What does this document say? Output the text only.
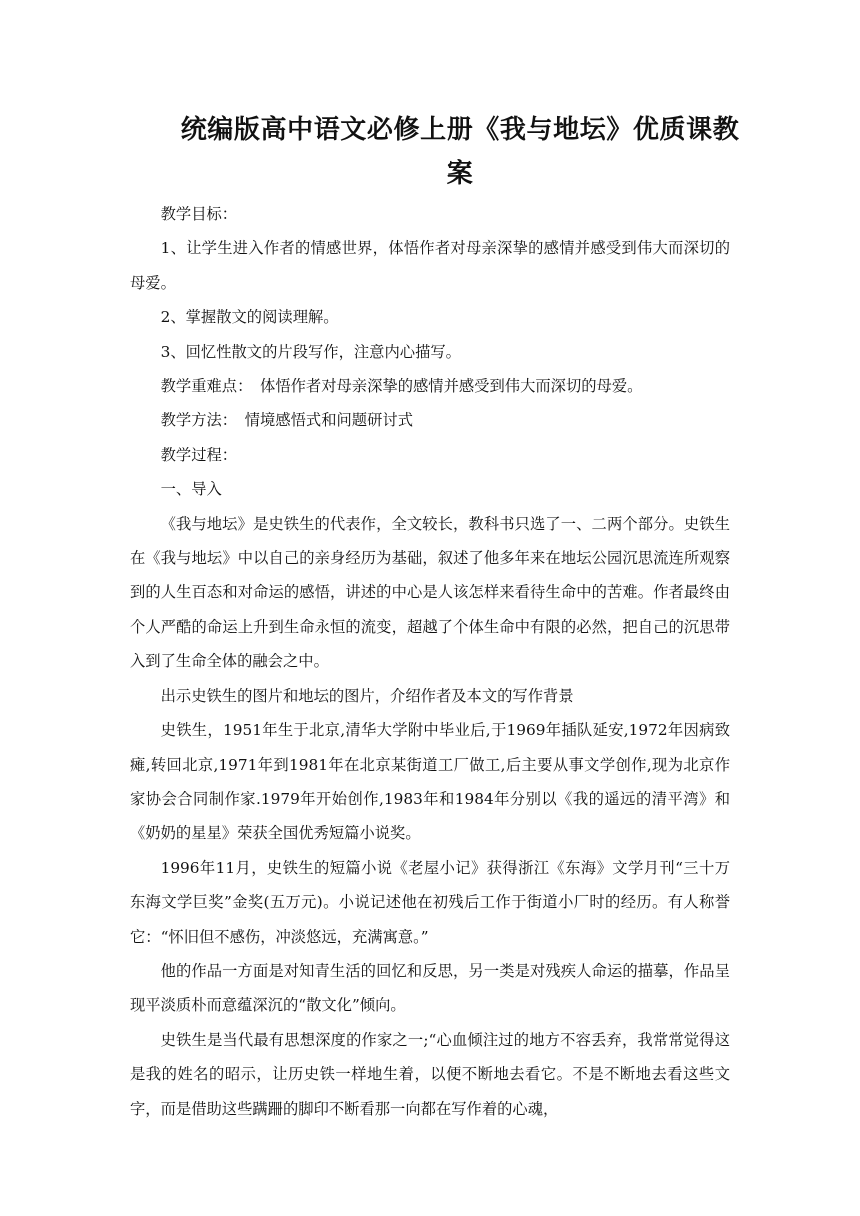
统编版高中语文必修上册《我与地坛》优质课教案

教学目标：

1、让学生进入作者的情感世界，体悟作者对母亲深挚的感情并感受到伟大而深切的母爱。

2、掌握散文的阅读理解。

3、回忆性散文的片段写作，注意内心描写。

教学重难点：　体悟作者对母亲深挚的感情并感受到伟大而深切的母爱。

教学方法：　情境感悟式和问题研讨式

教学过程：

一、导入

《我与地坛》是史铁生的代表作，全文较长，教科书只选了一、二两个部分。史铁生在《我与地坛》中以自己的亲身经历为基础，叙述了他多年来在地坛公园沉思流连所观察到的人生百态和对命运的感悟，讲述的中心是人该怎样来看待生命中的苦难。作者最终由个人严酷的命运上升到生命永恒的流变，超越了个体生命中有限的必然，把自己的沉思带入到了生命全体的融会之中。

出示史铁生的图片和地坛的图片，介绍作者及本文的写作背景

史铁生，1951年生于北京,清华大学附中毕业后,于1969年插队延安,1972年因病致瘫,转回北京,1971年到1981年在北京某街道工厂做工,后主要从事文学创作,现为北京作家协会合同制作家.1979年开始创作,1983年和1984年分别以《我的遥远的清平湾》和《奶奶的星星》荣获全国优秀短篇小说奖。

1996年11月，史铁生的短篇小说《老屋小记》获得浙江《东海》文学月刊“三十万东海文学巨奖”金奖(五万元)。小说记述他在初残后工作于街道小厂时的经历。有人称誉它：“怀旧但不感伤，冲淡悠远，充满寓意。”

他的作品一方面是对知青生活的回忆和反思，另一类是对残疾人命运的描摹，作品呈现平淡质朴而意蕴深沉的“散文化”倾向。

史铁生是当代最有思想深度的作家之一;“心血倾注过的地方不容丢弃，我常常觉得这是我的姓名的昭示，让历史铁一样地生着，以便不断地去看它。不是不断地去看这些文字，而是借助这些蹒跚的脚印不断看那一向都在写作着的心魂，
